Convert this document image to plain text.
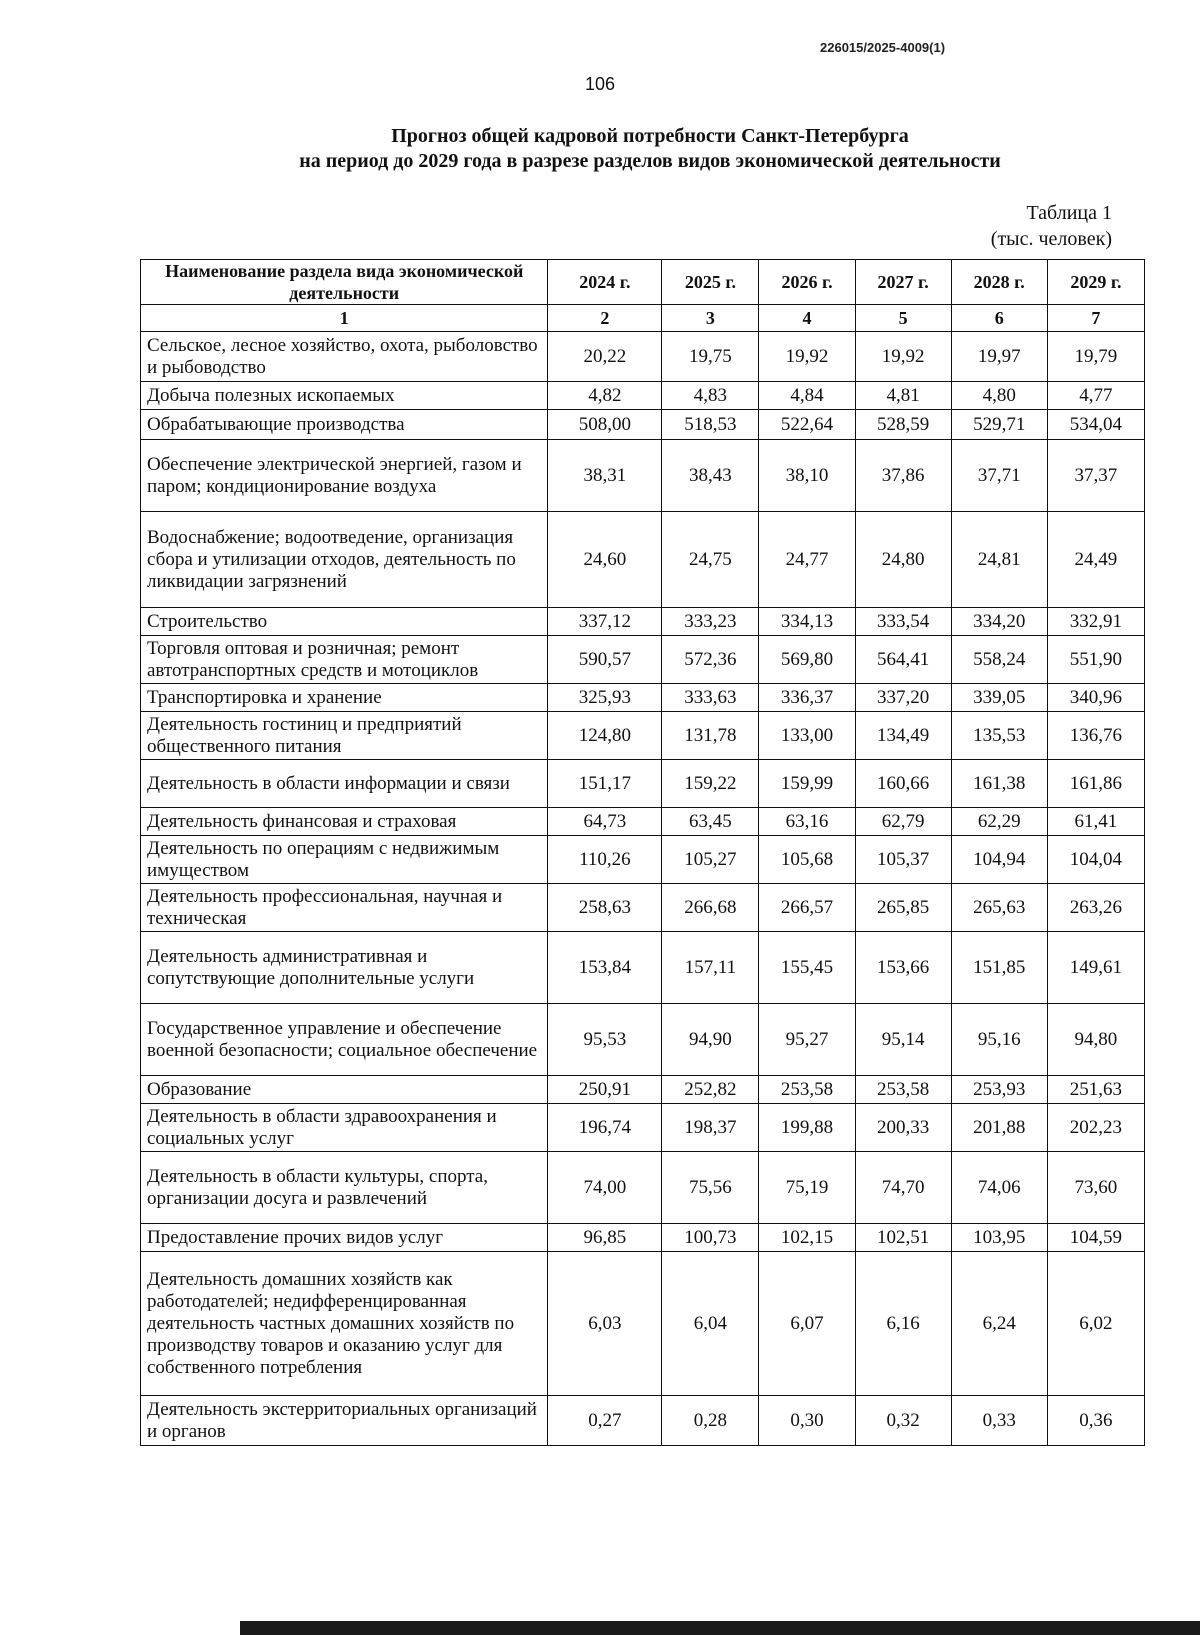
226015/2025-4009(1)
106
Прогноз общей кадровой потребности Санкт-Петербурга
на период до 2029 года в разрезе разделов видов экономической деятельности
Таблица 1
(тыс. человек)
Наименование раздела вида экономической деятельности	2024 г.	2025 г.	2026 г.	2027 г.	2028 г.	2029 г.
1	2	3	4	5	6	7
Сельское, лесное хозяйство, охота, рыболовство и рыбоводство	20,22	19,75	19,92	19,92	19,97	19,79
Добыча полезных ископаемых	4,82	4,83	4,84	4,81	4,80	4,77
Обрабатывающие производства	508,00	518,53	522,64	528,59	529,71	534,04
Обеспечение электрической энергией, газом и паром; кондиционирование воздуха	38,31	38,43	38,10	37,86	37,71	37,37
Водоснабжение; водоотведение, организация сбора и утилизации отходов, деятельность по ликвидации загрязнений	24,60	24,75	24,77	24,80	24,81	24,49
Строительство	337,12	333,23	334,13	333,54	334,20	332,91
Торговля оптовая и розничная; ремонт автотранспортных средств и мотоциклов	590,57	572,36	569,80	564,41	558,24	551,90
Транспортировка и хранение	325,93	333,63	336,37	337,20	339,05	340,96
Деятельность гостиниц и предприятий общественного питания	124,80	131,78	133,00	134,49	135,53	136,76
Деятельность в области информации и связи	151,17	159,22	159,99	160,66	161,38	161,86
Деятельность финансовая и страховая	64,73	63,45	63,16	62,79	62,29	61,41
Деятельность по операциям с недвижимым имуществом	110,26	105,27	105,68	105,37	104,94	104,04
Деятельность профессиональная, научная и техническая	258,63	266,68	266,57	265,85	265,63	263,26
Деятельность административная и сопутствующие дополнительные услуги	153,84	157,11	155,45	153,66	151,85	149,61
Государственное управление и обеспечение военной безопасности; социальное обеспечение	95,53	94,90	95,27	95,14	95,16	94,80
Образование	250,91	252,82	253,58	253,58	253,93	251,63
Деятельность в области здравоохранения и социальных услуг	196,74	198,37	199,88	200,33	201,88	202,23
Деятельность в области культуры, спорта, организации досуга и развлечений	74,00	75,56	75,19	74,70	74,06	73,60
Предоставление прочих видов услуг	96,85	100,73	102,15	102,51	103,95	104,59
Деятельность домашних хозяйств как работодателей; недифференцированная деятельность частных домашних хозяйств по производству товаров и оказанию услуг для собственного потребления	6,03	6,04	6,07	6,16	6,24	6,02
Деятельность экстерриториальных организаций и органов	0,27	0,28	0,30	0,32	0,33	0,36
